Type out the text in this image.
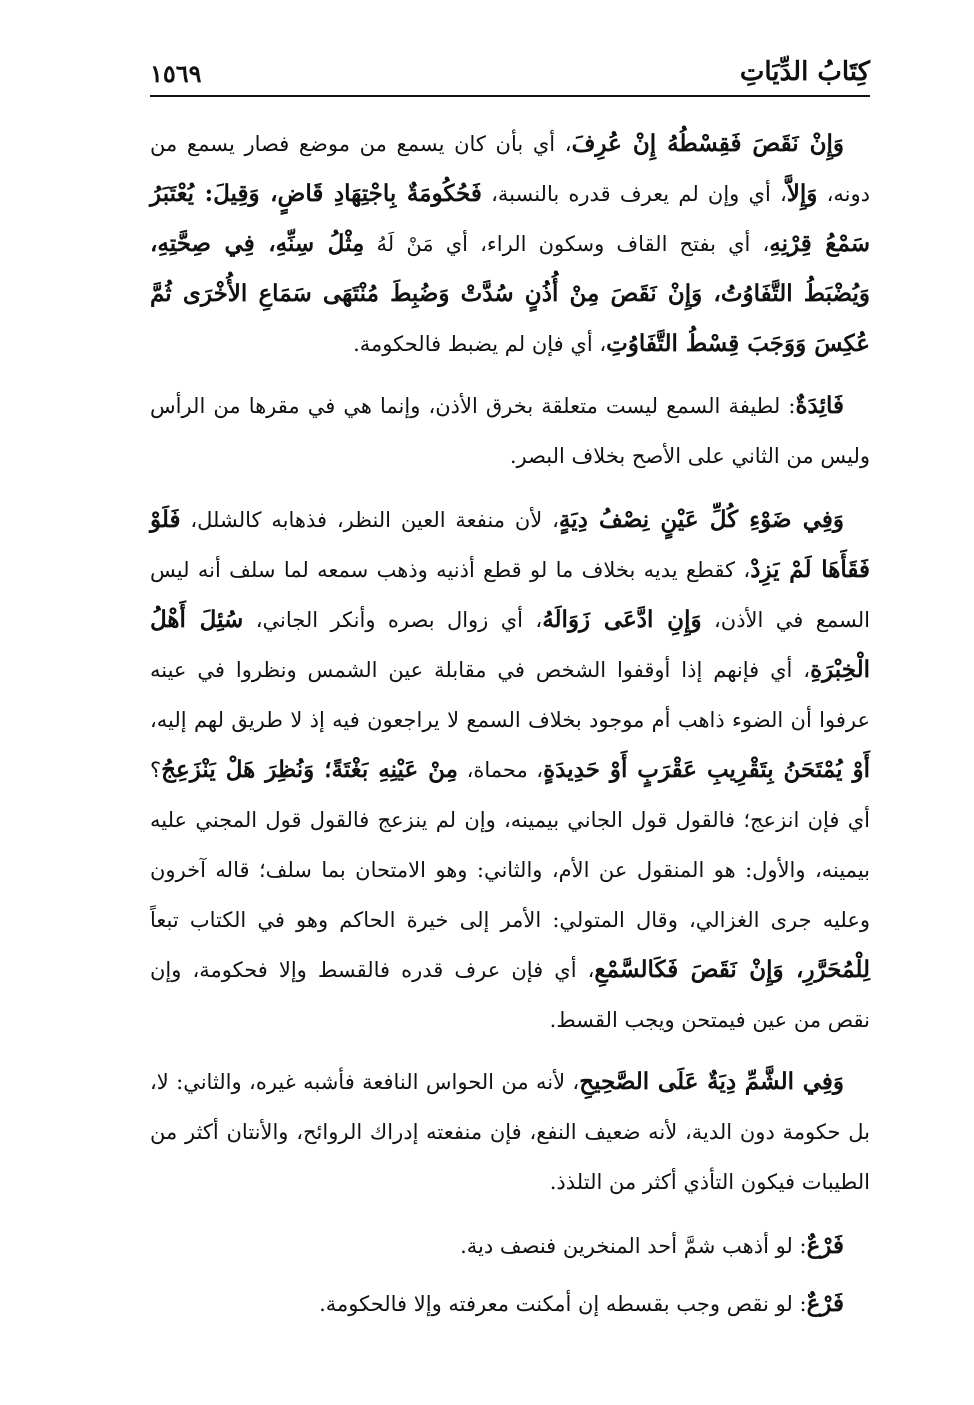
كِتَابُ الدِّيَاتِ
١٥٦٩

وَإِنْ نَقَصَ فَقِسْطُهُ إِنْ عُرِفَ، أي بأن كان يسمع من موضع فصار يسمع من دونه، وَإِلاَّ، أي وإن لم يعرف قدره بالنسبة، فَحُكُومَةٌ بِاجْتِهَادِ قَاضٍ، وَقِيلَ: يُعْتَبَرُ سَمْعُ قِرْنِهِ، أي بفتح القاف وسكون الراء، أي مَنْ لَهُ مِثْلُ سِنِّهِ، فِي صِحَّتِهِ، وَيُضْبَطُ التَّفَاوُتُ، وَإِنْ نَقَصَ مِنْ أُذُنٍ سُدَّتْ وَضُبِطَ مُنْتَهَى سَمَاعِ الأُخْرَى ثُمَّ عُكِسَ وَوَجَبَ قِسْطُ التَّفَاوُتِ، أي فإن لم يضبط فالحكومة.

فَائِدَةٌ: لطيفة السمع ليست متعلقة بخرق الأذن، وإنما هي في مقرها من الرأس وليس من الثاني على الأصح بخلاف البصر.

وَفِي ضَوْءِ كُلِّ عَيْنٍ نِصْفُ دِيَةٍ، لأن منفعة العين النظر، فذهابه كالشلل، فَلَوْ فَقَأَهَا لَمْ يَزِدْ، كقطع يديه بخلاف ما لو قطع أذنيه وذهب سمعه لما سلف أنه ليس السمع في الأذن، وَإِنِ ادَّعَى زَوَالَهُ، أي زوال بصره وأنكر الجاني، سُئِلَ أَهْلُ الْخِبْرَةِ، أي فإنهم إذا أوقفوا الشخص في مقابلة عين الشمس ونظروا في عينه عرفوا أن الضوء ذاهب أم موجود بخلاف السمع لا يراجعون فيه إذ لا طريق لهم إليه، أَوْ يُمْتَحَنُ بِتَقْرِيبِ عَقْرَبٍ أَوْ حَدِيدَةٍ، محماة، مِنْ عَيْنِهِ بَغْتَةً؛ وَنُظِرَ هَلْ يَنْزَعِجُ؟ أي فإن انزعج؛ فالقول قول الجاني بيمينه، وإن لم ينزعج فالقول قول المجني عليه بيمينه، والأول: هو المنقول عن الأم، والثاني: وهو الامتحان بما سلف؛ قاله آخرون وعليه جرى الغزالي، وقال المتولي: الأمر إلى خيرة الحاكم وهو في الكتاب تبعاً لِلْمُحَرَّرِ، وَإِنْ نَقَصَ فَكَالسَّمْعِ، أي فإن عرف قدره فالقسط وإلا فحكومة، وإن نقص من عين فيمتحن ويجب القسط.

وَفِي الشَّمِّ دِيَةٌ عَلَى الصَّحِيحِ، لأنه من الحواس النافعة فأشبه غيره، والثاني: لا، بل حكومة دون الدية، لأنه ضعيف النفع، فإن منفعته إدراك الروائح، والأنتان أكثر من الطيبات فيكون التأذي أكثر من التلذذ.

فَرْعٌ: لو أذهب شمَّ أحد المنخرين فنصف دية.

فَرْعٌ: لو نقص وجب بقسطه إن أمكنت معرفته وإلا فالحكومة.
